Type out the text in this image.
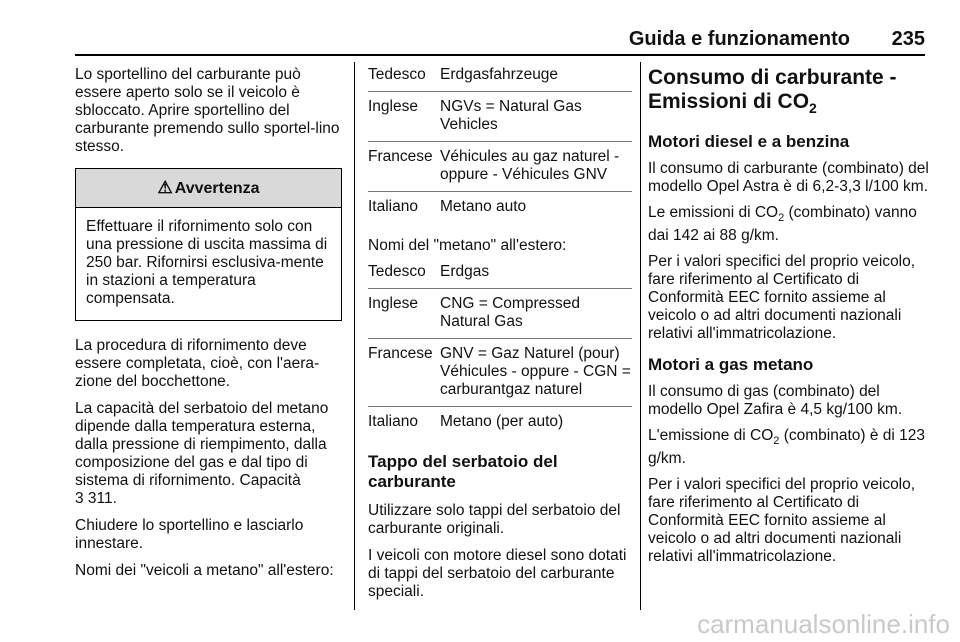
Guida e funzionamento 235

Lo sportellino del carburante può essere aperto solo se il veicolo è sbloccato. Aprire sportellino del carburante premendo sullo sportel-lino stesso.

⚠ Avvertenza
Effettuare il rifornimento solo con una pressione di uscita massima di 250 bar. Rifornirsi esclusiva-mente in stazioni a temperatura compensata.

La procedura di rifornimento deve essere completata, cioè, con l'aera-zione del bocchettone.

La capacità del serbatoio del metano dipende dalla temperatura esterna, dalla pressione di riempimento, dalla composizione del gas e dal tipo di sistema di rifornimento. Capacità
3 311.

Chiudere lo sportellino e lasciarlo innestare.

Nomi dei "veicoli a metano" all'estero:

Tedesco	Erdgasfahrzeuge
Inglese	NGVs = Natural Gas Vehicles
Francese	Véhicules au gaz naturel - oppure - Véhicules GNV
Italiano	Metano auto

Nomi del "metano" all'estero:

Tedesco	Erdgas
Inglese	CNG = Compressed Natural Gas
Francese	GNV = Gaz Naturel (pour) Véhicules - oppure - CGN = carburantgaz naturel
Italiano	Metano (per auto)
Tappo del serbatoio del carburante

Utilizzare solo tappi del serbatoio del carburante originali.

I veicoli con motore diesel sono dotati di tappi del serbatoio del carburante speciali.

Consumo di carburante - Emissioni di $CO_2$
Motori diesel e a benzina

Il consumo di carburante (combinato) del modello Opel Astra è di 6,2-3,3 l/100 km.

Le emissioni di $CO_2$ (combinato) vanno dai 142 ai 88 g/km.

Per i valori specifici del proprio veicolo, fare riferimento al Certificato di Conformità EEC fornito assieme al veicolo o ad altri documenti nazionali relativi all'immatricolazione.

Motori a gas metano

Il consumo di gas (combinato) del modello Opel Zafira è 4,5 kg/100 km.

L'emissione di $CO_2$ (combinato) è di 123 g/km.

Per i valori specifici del proprio veicolo, fare riferimento al Certificato di Conformità EEC fornito assieme al veicolo o ad altri documenti nazionali relativi all'immatricolazione.

carmanualsonline.info
